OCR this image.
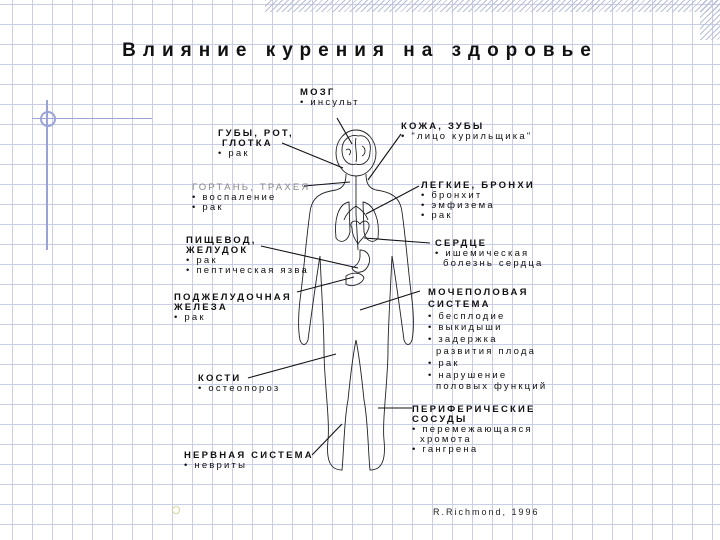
Влияние курения на здоровье
МОЗГ
• инсульт
ГУБЫ, РОТ,
ГЛОТКА
• рак
КОЖА, ЗУБЫ
• "лицо курильщика"
ГОРТАНЬ, ТРАХЕЯ
• воспаление
• рак
ЛЕГКИЕ, БРОНХИ
• бронхит
• эмфизема
• рак
ПИЩЕВОД,
ЖЕЛУДОК
• рак
• пептическая язва
СЕРДЦЕ
• ишемическая
болезнь сердца
ПОДЖЕЛУДОЧНАЯ
ЖЕЛЕЗА
• рак
МОЧЕПОЛОВАЯ
СИСТЕМА
• бесплодие
• выкидыши
• задержка
развития плода
• рак
• нарушение
половых функций
КОСТИ
• остеопороз
ПЕРИФЕРИЧЕСКИЕ
СОСУДЫ
• перемежающаяся
хромота
• гангрена
НЕРВНАЯ СИСТЕМА
• невриты
R.Richmond, 1996
